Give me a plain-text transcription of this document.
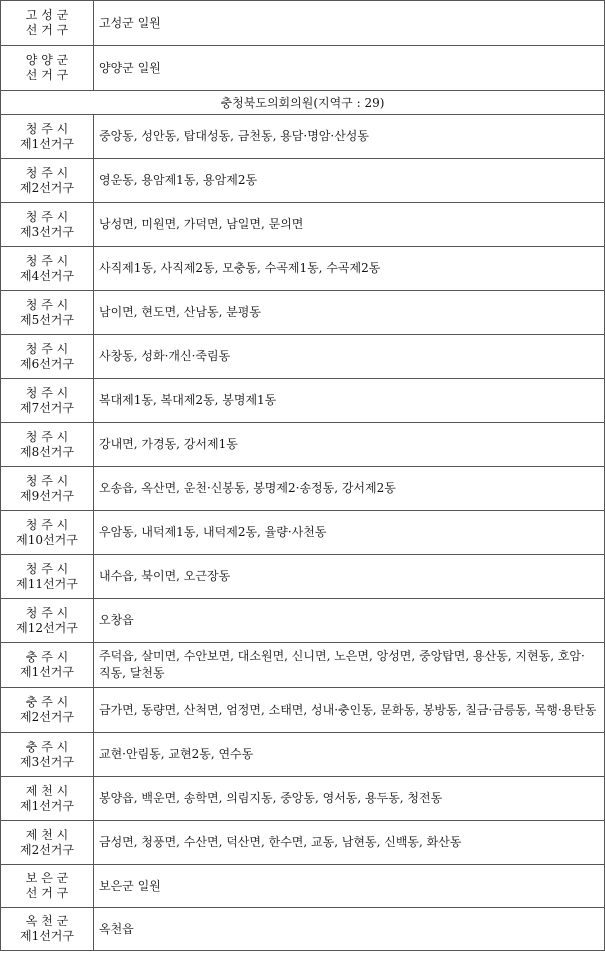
고 성 군
선 거 구	고성군 일원

양 양 군
선 거 구	양양군 일원
충청북도의회의원(지역구 : 29)	

청 주 시
제1선거구	중앙동, 성안동, 탑대성동, 금천동, 용담·명암·산성동

청 주 시
제2선거구	영운동, 용암제1동, 용암제2동

청 주 시
제3선거구	낭성면, 미원면, 가덕면, 남일면, 문의면

청 주 시
제4선거구	사직제1동, 사직제2동, 모충동, 수곡제1동, 수곡제2동

청 주 시
제5선거구	남이면, 현도면, 산남동, 분평동

청 주 시
제6선거구	사창동, 성화·개신·죽림동

청 주 시
제7선거구	복대제1동, 복대제2동, 봉명제1동

청 주 시
제8선거구	강내면, 가경동, 강서제1동

청 주 시
제9선거구	오송읍, 옥산면, 운천·신봉동, 봉명제2·송정동, 강서제2동

청 주 시
제10선거구	우암동, 내덕제1동, 내덕제2동, 율량·사천동

청 주 시
제11선거구	내수읍, 북이면, 오근장동

청 주 시
제12선거구	오창읍

충 주 시
제1선거구	주덕읍, 살미면, 수안보면, 대소원면, 신니면, 노은면, 앙성면, 중앙탑면, 용산동, 지현동, 호암·직동, 달천동

충 주 시
제2선거구	금가면, 동량면, 산척면, 엄정면, 소태면, 성내·충인동, 문화동, 봉방동, 칠금·금릉동, 목행·용탄동

충 주 시
제3선거구	교현·안림동, 교현2동, 연수동

제 천 시
제1선거구	봉양읍, 백운면, 송학면, 의림지동, 중앙동, 영서동, 용두동, 청전동

제 천 시
제2선거구	금성면, 청풍면, 수산면, 덕산면, 한수면, 교동, 남현동, 신백동, 화산동

보 은 군
선 거 구	보은군 일원

옥 천 군
제1선거구	옥천읍
